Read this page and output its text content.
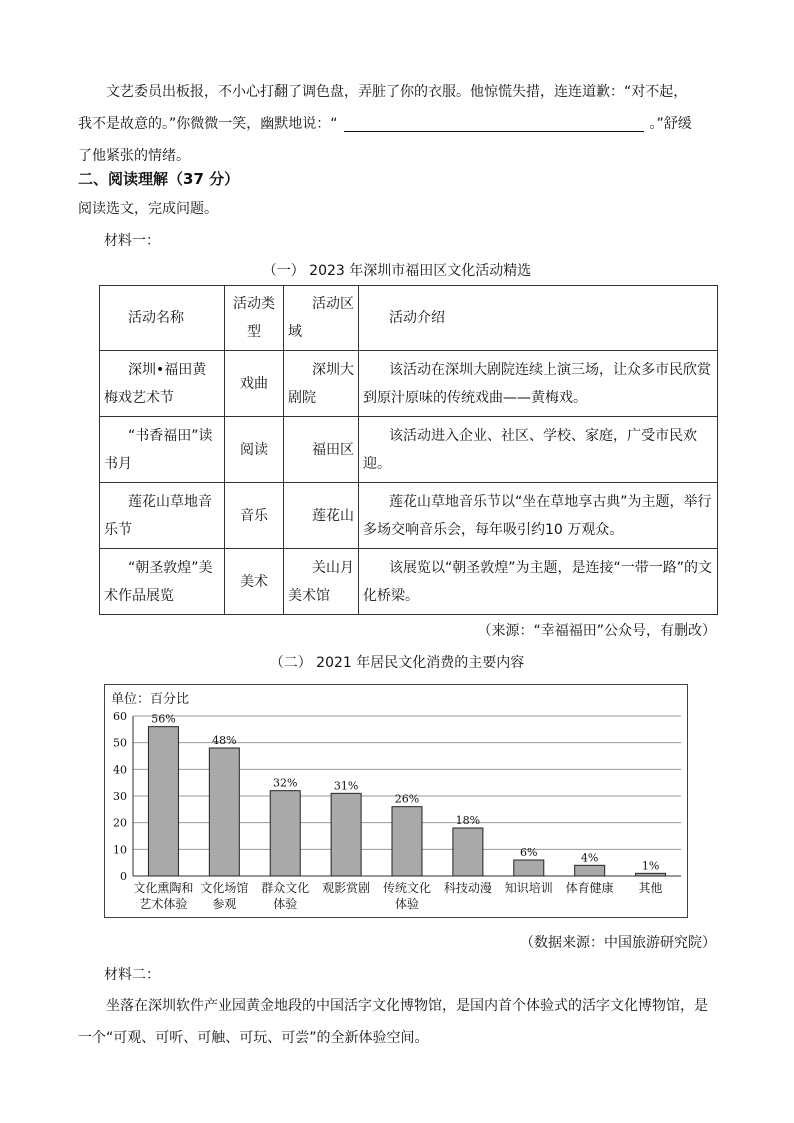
文艺委员出板报，不小心打翻了调色盘，弄脏了你的衣服。他惊慌失措，连连道歉：“对不起，

我不是故意的。”你微微一笑，幽默地说：“	。”舒缓

了他紧张的情绪。

二、阅读理解（37 分）
阅读选文，完成问题。
材料一：
（一） 2023 年深圳市福田区文化活动精选
活动名称	活动类型	活动区域	活动介绍
深圳•福田黄梅戏艺术节	戏曲	深圳大剧院	该活动在深圳大剧院连续上演三场，让众多市民欣赏到原汁原味的传统戏曲——黄梅戏。
“书香福田”读书月	阅读	福田区	该活动进入企业、社区、学校、家庭，广受市民欢迎。
莲花山草地音乐节	音乐	莲花山	莲花山草地音乐节以“坐在草地享古典”为主题，举行多场交响音乐会，每年吸引约10 万观众。
“朝圣敦煌”美术作品展览	美术	关山月美术馆	该展览以“朝圣敦煌”为主题，是连接“一带一路”的文化桥梁。
（来源：“幸福福田”公众号，有删改）
（二） 2021 年居民文化消费的主要内容
单位：百分比
0
10
20
30
40
50
60 56%
文化熏陶和
艺术体验
48%
文化场馆
参观
32%
群众文化
体验
31%
观影赏剧
26%
传统文化
体验
18%
科技动漫
6%
知识培训
4%
体育健康
1%
其他
（数据来源：中国旅游研究院）
材料二：

坐落在深圳软件产业园黄金地段的中国活字文化博物馆，是国内首个体验式的活字文化博物馆，是一个“可观、可听、可触、可玩、可尝”的全新体验空间。
